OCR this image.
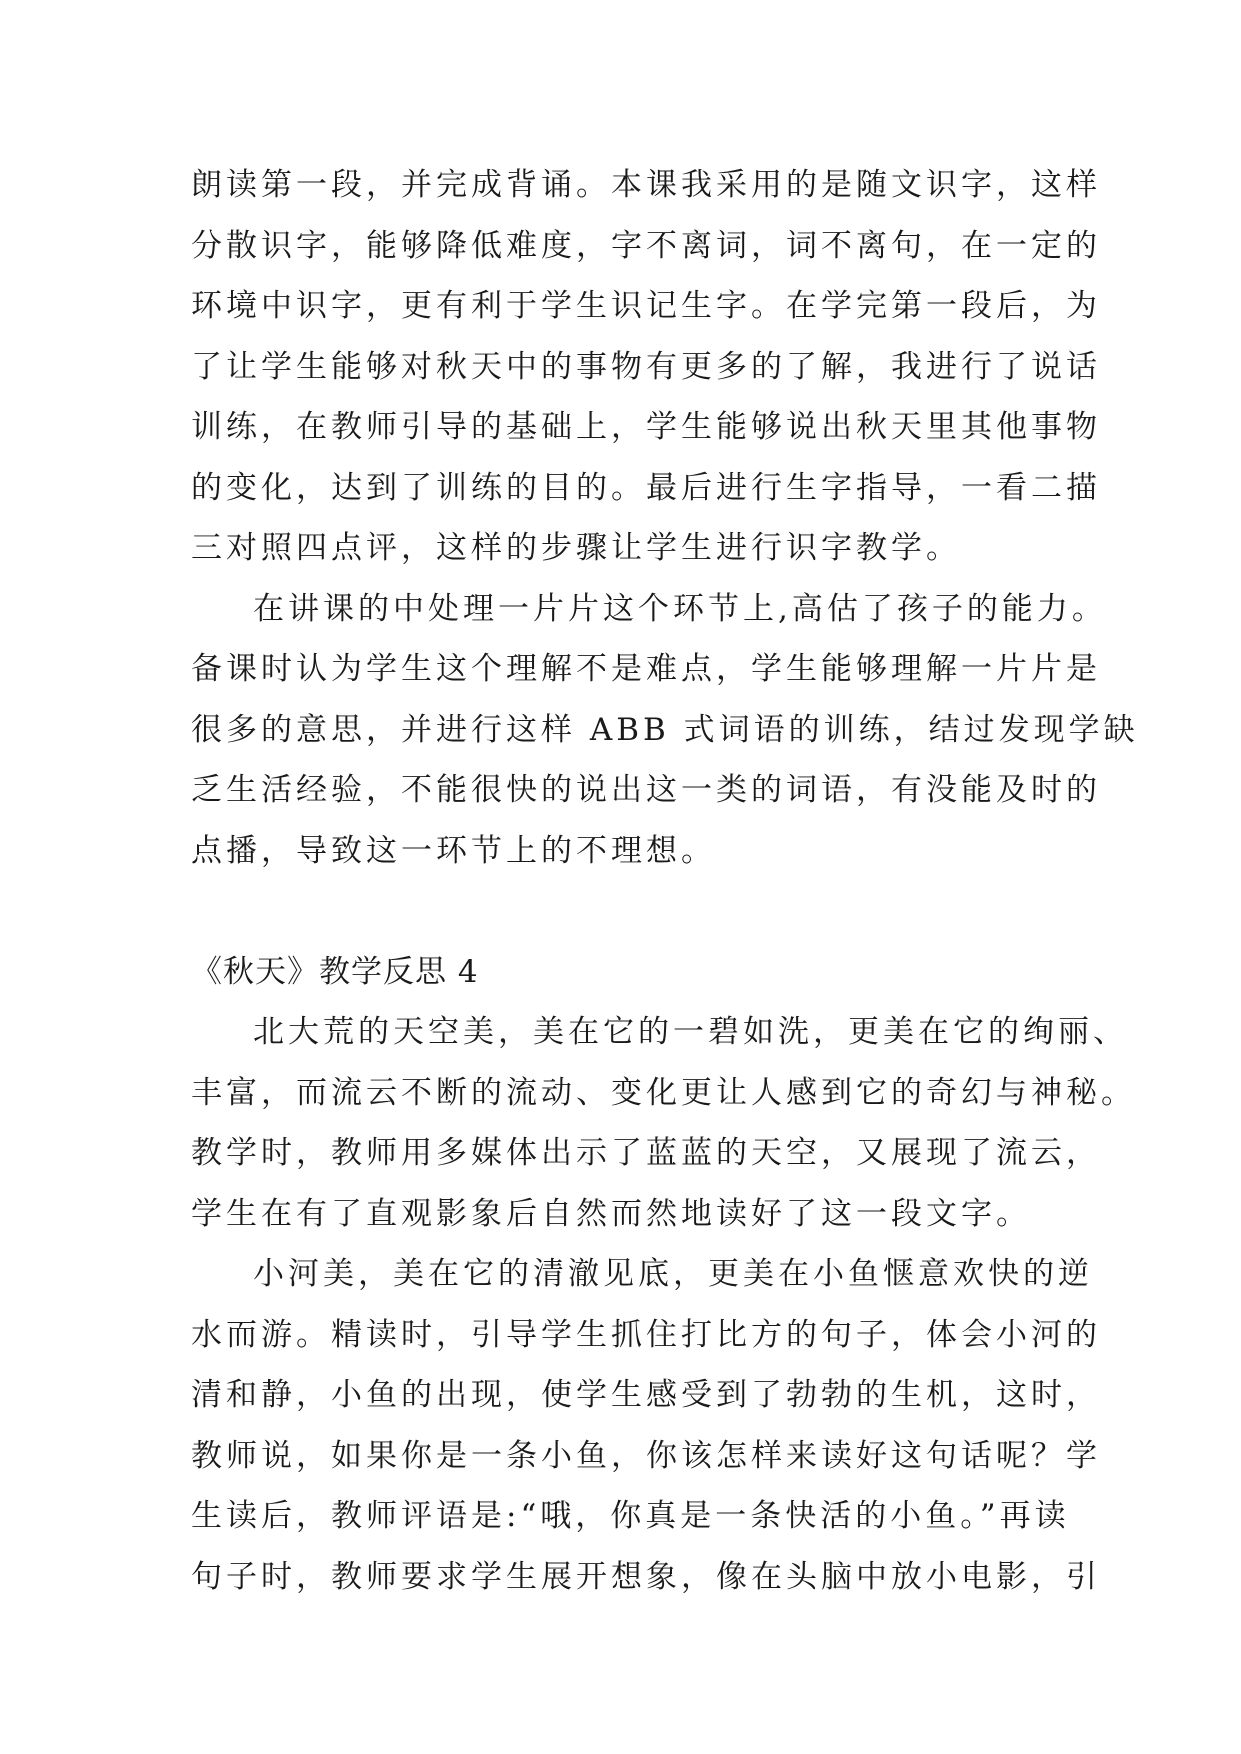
朗读第一段，并完成背诵。本课我采用的是随文识字，这样
分散识字，能够降低难度，字不离词，词不离句，在一定的
环境中识字，更有利于学生识记生字。在学完第一段后，为
了让学生能够对秋天中的事物有更多的了解，我进行了说话
训练，在教师引导的基础上，学生能够说出秋天里其他事物
的变化，达到了训练的目的。最后进行生字指导，一看二描
三对照四点评，这样的步骤让学生进行识字教学。
在讲课的中处理一片片这个环节上,高估了孩子的能力。
备课时认为学生这个理解不是难点，学生能够理解一片片是
很多的意思，并进行这样 ABB 式词语的训练，结过发现学缺
乏生活经验，不能很快的说出这一类的词语，有没能及时的
点播，导致这一环节上的不理想。
《秋天》教学反思 4
北大荒的天空美，美在它的一碧如洗，更美在它的绚丽、
丰富，而流云不断的流动、变化更让人感到它的奇幻与神秘。
教学时，教师用多媒体出示了蓝蓝的天空，又展现了流云，
学生在有了直观影象后自然而然地读好了这一段文字。
小河美，美在它的清澈见底，更美在小鱼惬意欢快的逆
水而游。精读时，引导学生抓住打比方的句子，体会小河的
清和静，小鱼的出现，使学生感受到了勃勃的生机，这时，
教师说，如果你是一条小鱼，你该怎样来读好这句话呢？学
生读后，教师评语是:“哦，你真是一条快活的小鱼。”再读
句子时，教师要求学生展开想象，像在头脑中放小电影，引
